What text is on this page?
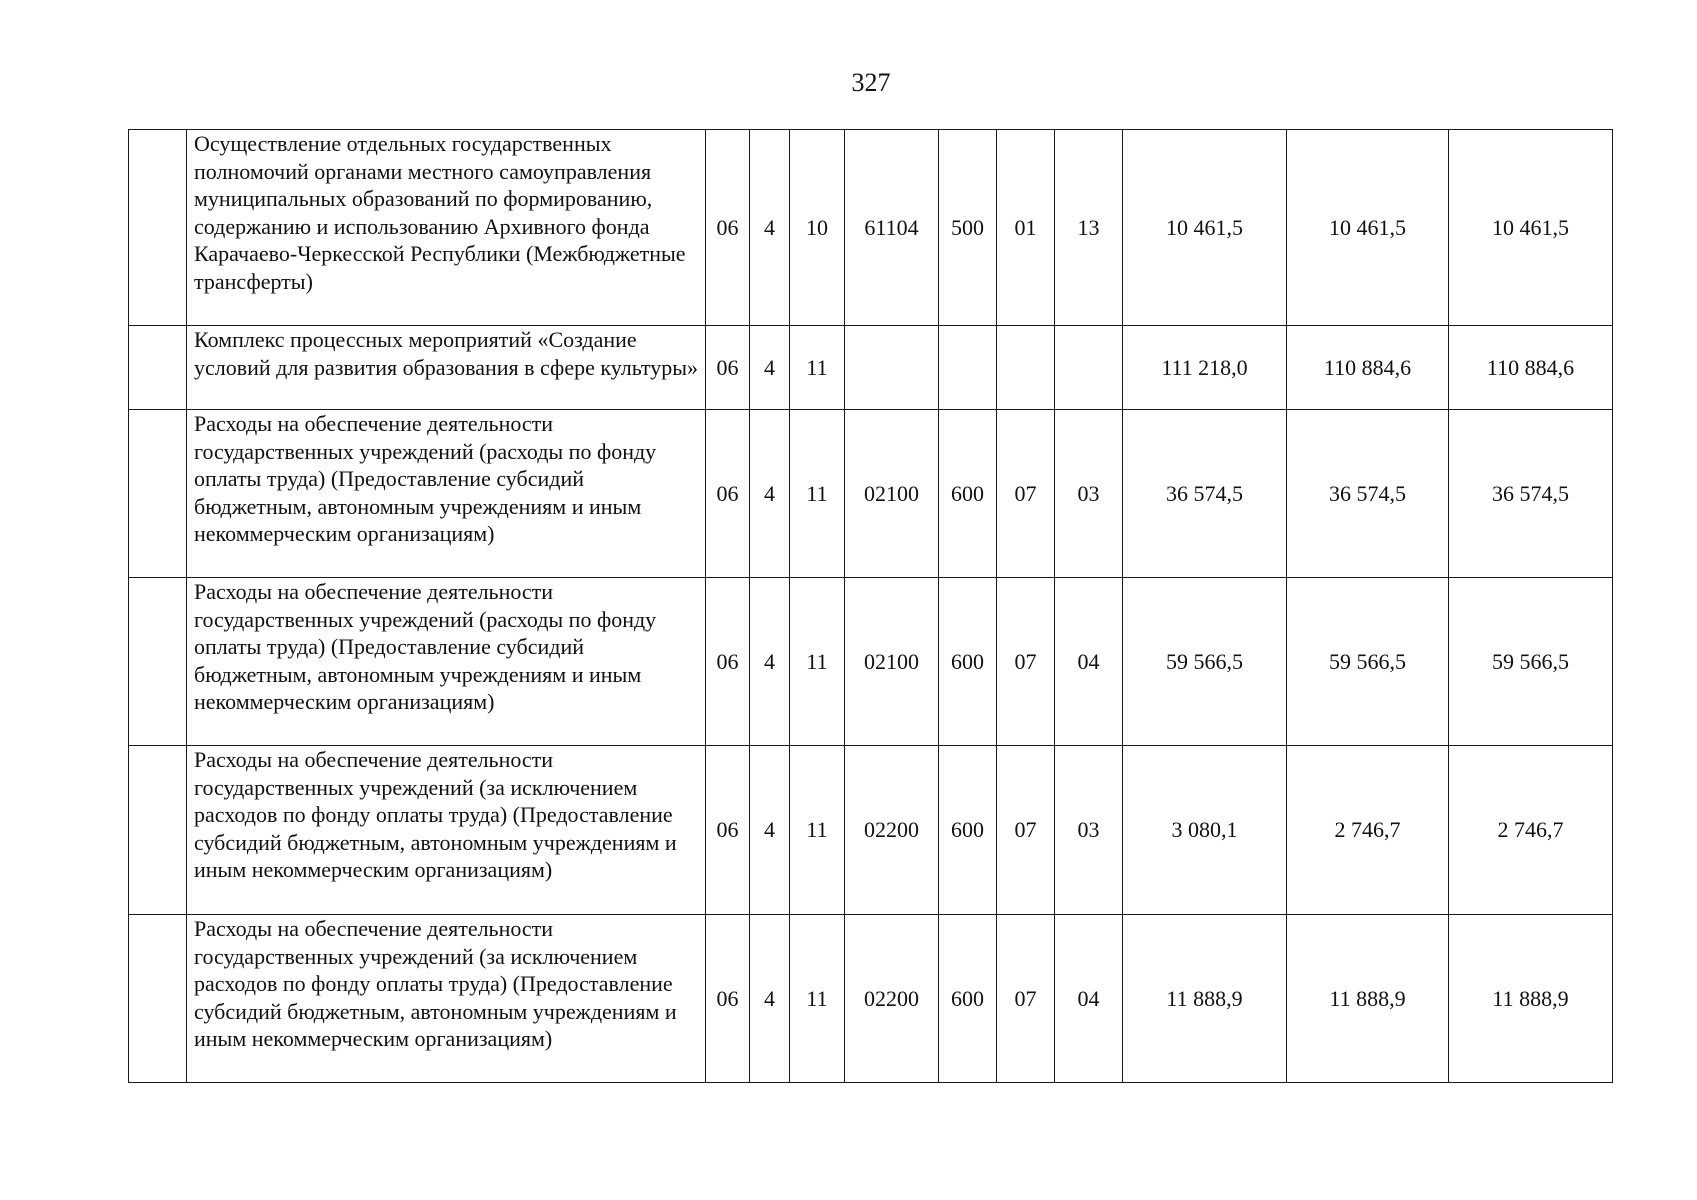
327
	Осуществление отдельных государственных полномочий органами местного самоуправления муниципальных образований по формированию, содержанию и использованию Архивного фонда Карачаево-Черкесской Республики (Межбюджетные трансферты)	06	4	10	61104	500	01	13	10 461,5	10 461,5	10 461,5
	Комплекс процессных мероприятий «Создание условий для развития образования в сфере культуры»	06	4	11					111 218,0	110 884,6	110 884,6
	Расходы на обеспечение деятельности государственных учреждений (расходы по фонду оплаты труда) (Предоставление субсидий бюджетным, автономным учреждениям и иным некоммерческим организациям)	06	4	11	02100	600	07	03	36 574,5	36 574,5	36 574,5
	Расходы на обеспечение деятельности государственных учреждений (расходы по фонду оплаты труда) (Предоставление субсидий бюджетным, автономным учреждениям и иным некоммерческим организациям)	06	4	11	02100	600	07	04	59 566,5	59 566,5	59 566,5
	Расходы на обеспечение деятельности государственных учреждений (за исключением расходов по фонду оплаты труда) (Предоставление субсидий бюджетным, автономным учреждениям и иным некоммерческим организациям)	06	4	11	02200	600	07	03	3 080,1	2 746,7	2 746,7
	Расходы на обеспечение деятельности государственных учреждений (за исключением расходов по фонду оплаты труда) (Предоставление субсидий бюджетным, автономным учреждениям и иным некоммерческим организациям)	06	4	11	02200	600	07	04	11 888,9	11 888,9	11 888,9
